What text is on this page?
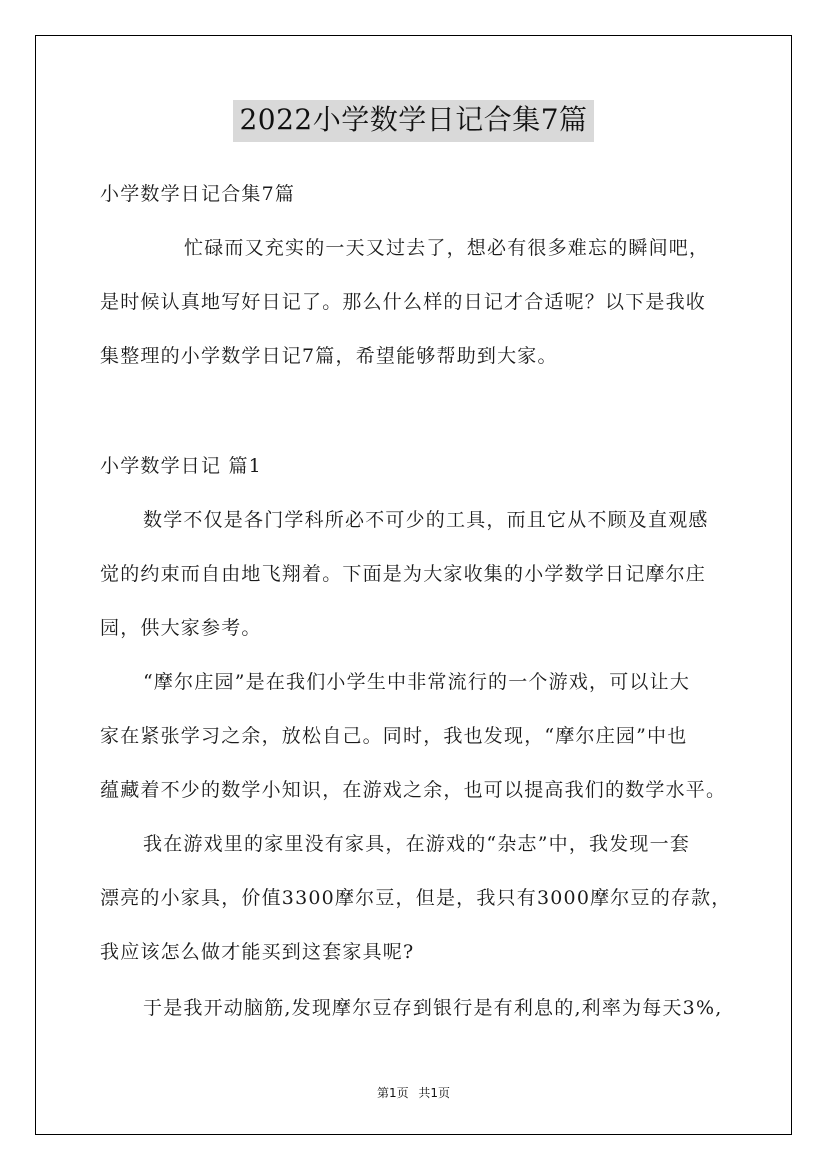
2022小学数学日记合集7篇
小学数学日记合集7篇
忙碌而又充实的一天又过去了，想必有很多难忘的瞬间吧，
是时候认真地写好日记了。那么什么样的日记才合适呢？以下是我收
集整理的小学数学日记7篇，希望能够帮助到大家。
小学数学日记 篇1
数学不仅是各门学科所必不可少的工具，而且它从不顾及直观感
觉的约束而自由地飞翔着。下面是为大家收集的小学数学日记摩尔庄
园，供大家参考。
“摩尔庄园”是在我们小学生中非常流行的一个游戏，可以让大
家在紧张学习之余，放松自己。同时，我也发现，“摩尔庄园”中也
蕴藏着不少的数学小知识，在游戏之余，也可以提高我们的数学水平。
我在游戏里的家里没有家具，在游戏的“杂志”中，我发现一套
漂亮的小家具，价值3300摩尔豆，但是，我只有3000摩尔豆的存款，
我应该怎么做才能买到这套家具呢?
于是我开动脑筋,发现摩尔豆存到银行是有利息的,利率为每天3%,
第1页 共1页
